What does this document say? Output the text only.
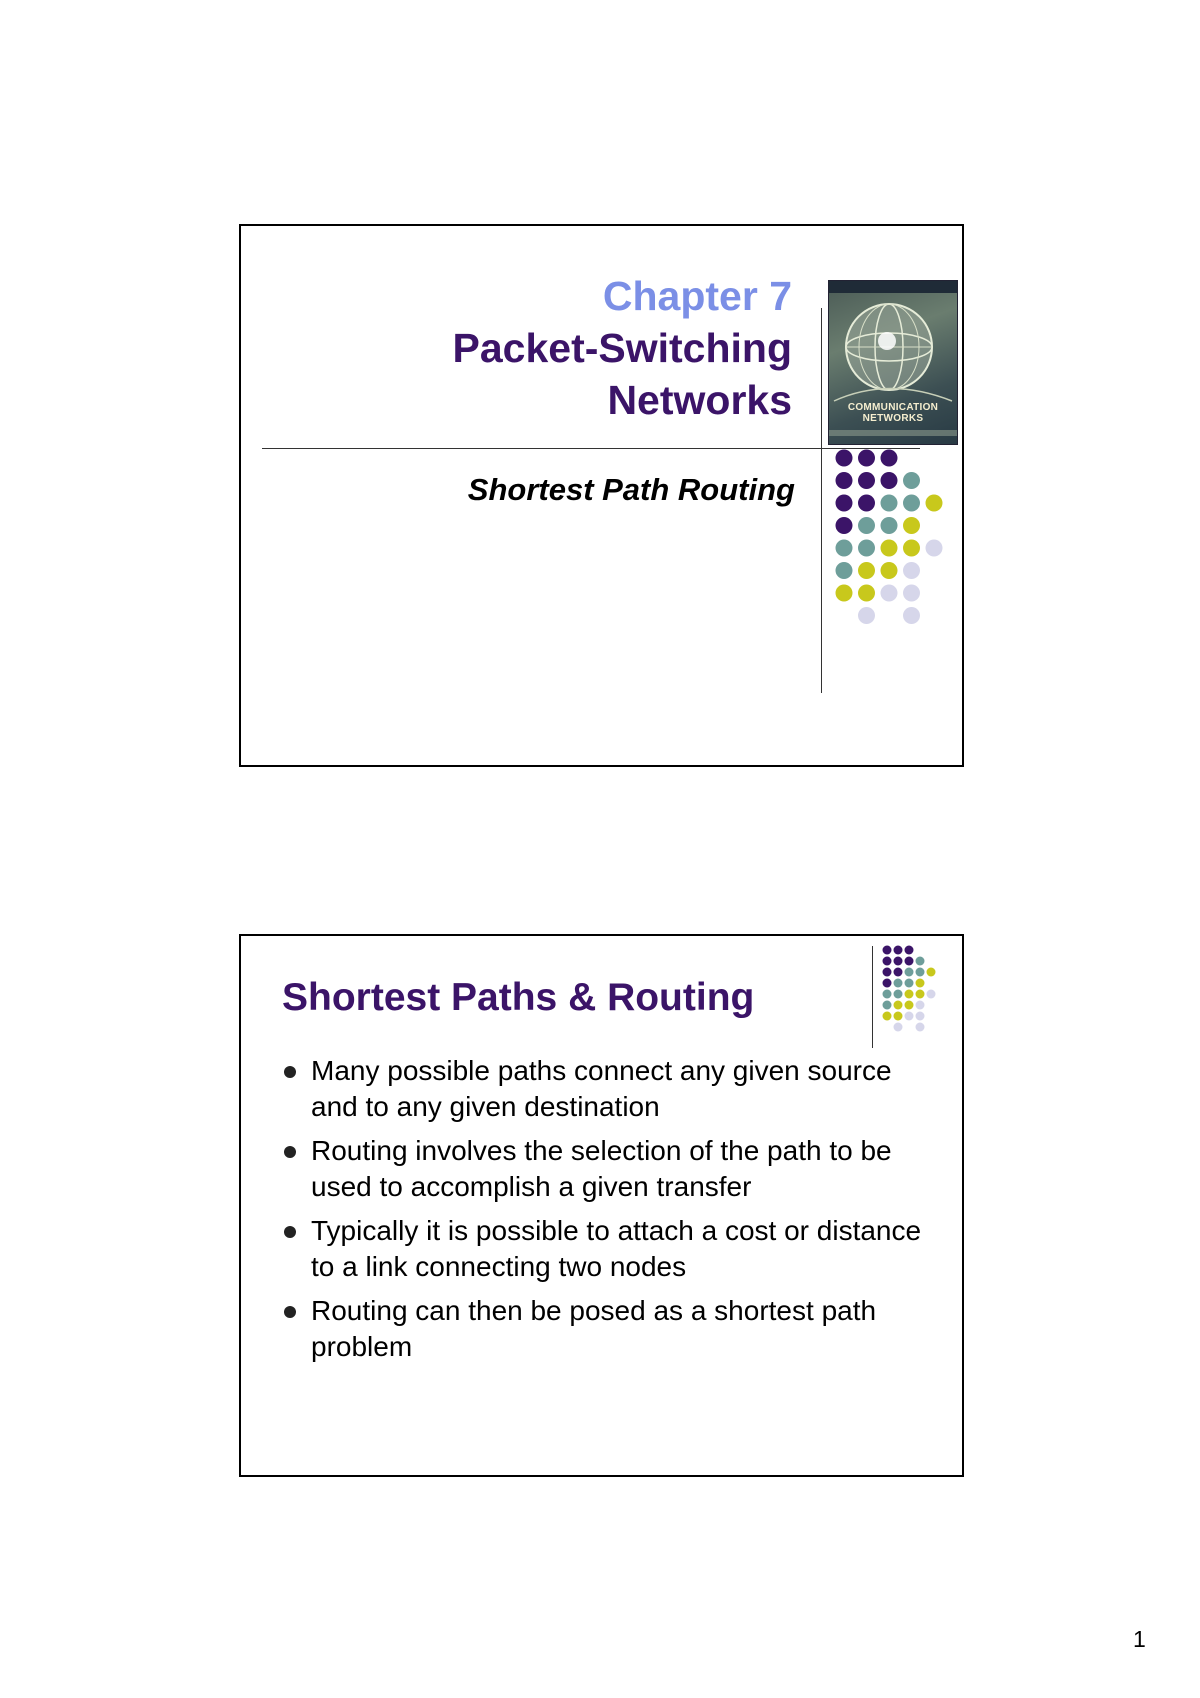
Chapter 7
Packet-Switching
Networks	COMMUNICATION NETWORKS
Shortest Path Routing
Shortest Paths & Routing
Many possible paths connect any given source and to any given destination
Routing involves the selection of the path to be used to accomplish a given transfer
Typically it is possible to attach a cost or distance to a link connecting two nodes
Routing can then be posed as a shortest path problem
1
